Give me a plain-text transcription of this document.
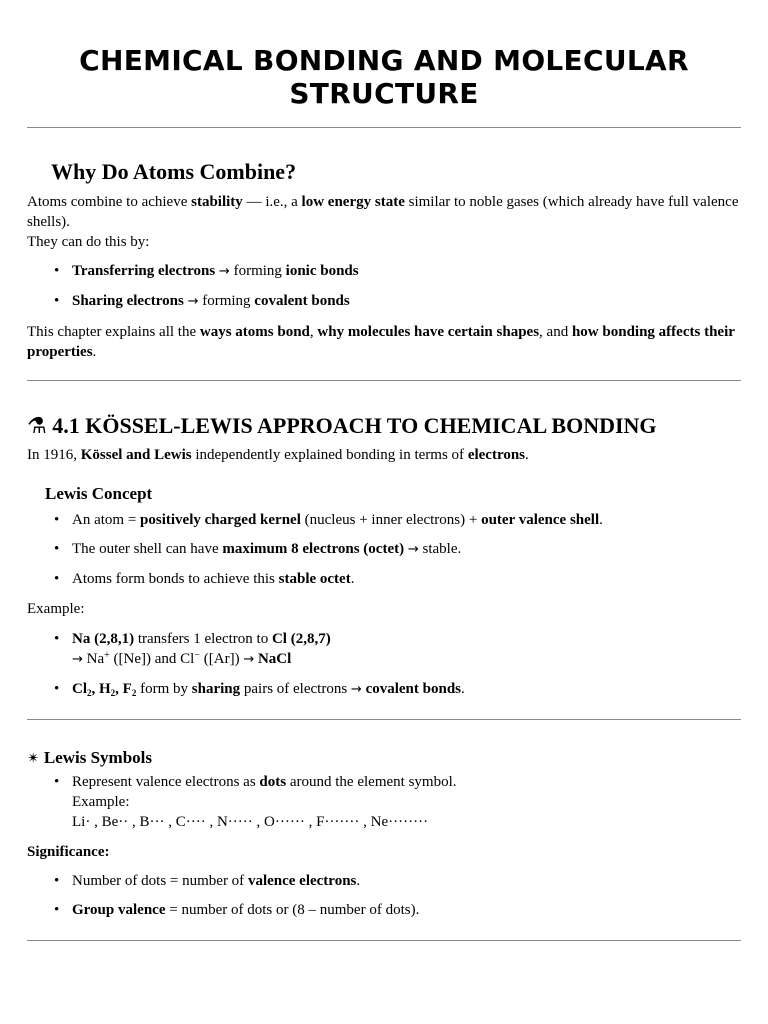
CHEMICAL BONDING AND MOLECULAR STRUCTURE
Why Do Atoms Combine?

Atoms combine to achieve stability — i.e., a low energy state similar to noble gases (which already have full valence shells).

They can do this by:

• Transferring electrons → forming ionic bonds
• Sharing electrons → forming covalent bonds

This chapter explains all the ways atoms bond, why molecules have certain shapes, and how bonding affects their properties.

⚗ 4.1 KÖSSEL-LEWIS APPROACH TO CHEMICAL BONDING

In 1916, Kössel and Lewis independently explained bonding in terms of electrons.

Lewis Concept
• An atom = positively charged kernel (nucleus + inner electrons) + outer valence shell.
• The outer shell can have maximum 8 electrons (octet) → stable.
• Atoms form bonds to achieve this stable octet.

Example:

• Na (2,8,1) transfers 1 electron to Cl (2,8,7)
→ Na+ ([Ne]) and Cl− ([Ar]) → NaCl
• $Cl_2$, $H_2$, $F_2$ form by sharing pairs of electrons → covalent bonds.
✴ Lewis Symbols
• Represent valence electrons as dots around the element symbol.
Example:
Li· , Be·· , B··· , C···· , N····· , O······ , F······· , Ne········

Significance:

• Number of dots = number of valence electrons.
• Group valence = number of dots or (8 – number of dots).
